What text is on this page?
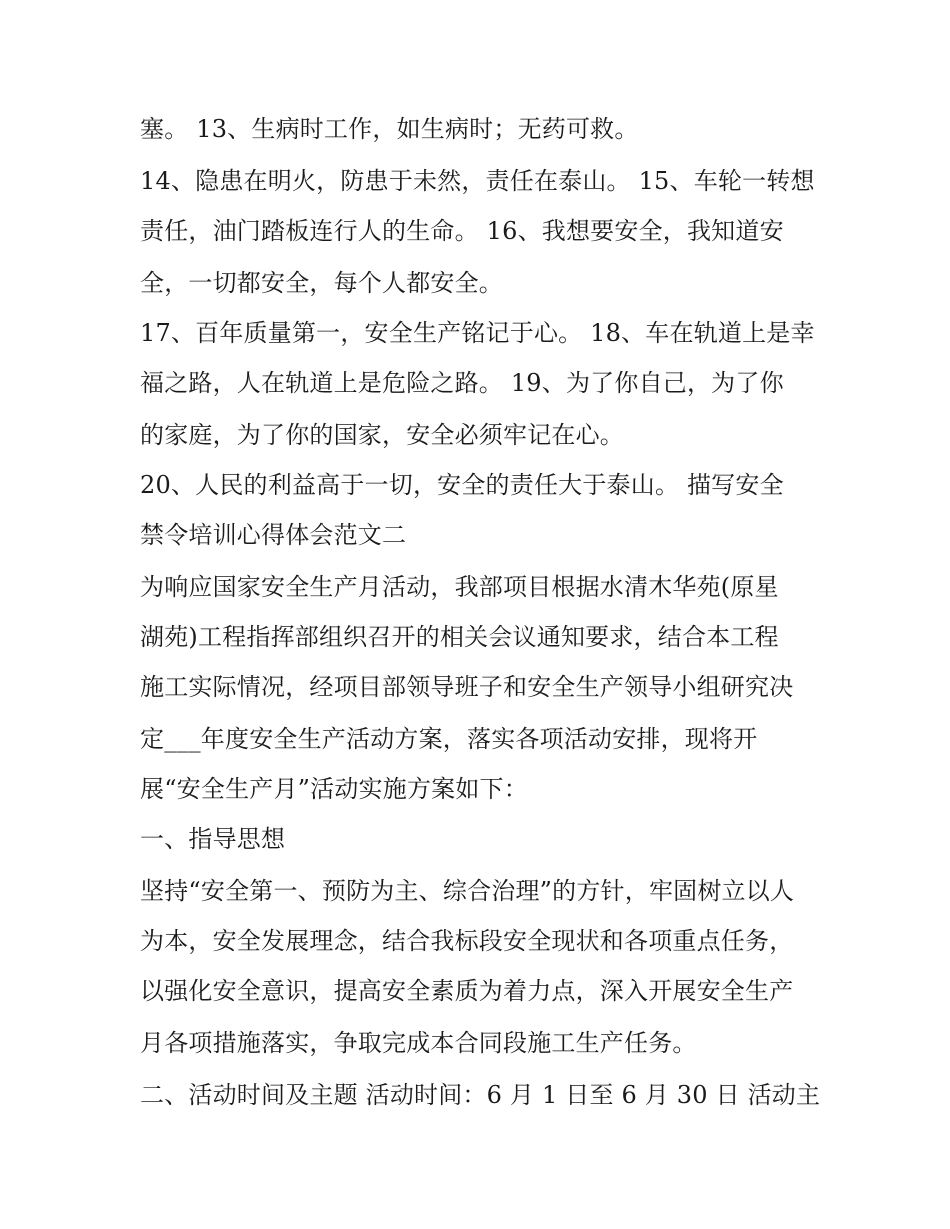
塞。 13、生病时工作，如生病时；无药可救。
14、隐患在明火，防患于未然，责任在泰山。 15、车轮一转想
责任，油门踏板连行人的生命。 16、我想要安全，我知道安
全，一切都安全，每个人都安全。
17、百年质量第一，安全生产铭记于心。 18、车在轨道上是幸
福之路，人在轨道上是危险之路。 19、为了你自己，为了你
的家庭，为了你的国家，安全必须牢记在心。
20、人民的利益高于一切，安全的责任大于泰山。 描写安全
禁令培训心得体会范文二
为响应国家安全生产月活动，我部项目根据水清木华苑(原星
湖苑)工程指挥部组织召开的相关会议通知要求，结合本工程
施工实际情况，经项目部领导班子和安全生产领导小组研究决
定___年度安全生产活动方案，落实各项活动安排，现将开
展“安全生产月”活动实施方案如下：
一、指导思想
坚持“安全第一、预防为主、综合治理”的方针，牢固树立以人
为本，安全发展理念，结合我标段安全现状和各项重点任务，
以强化安全意识，提高安全素质为着力点，深入开展安全生产
月各项措施落实，争取完成本合同段施工生产任务。
二、活动时间及主题 活动时间：6 月 1 日至 6 月 30 日 活动主
